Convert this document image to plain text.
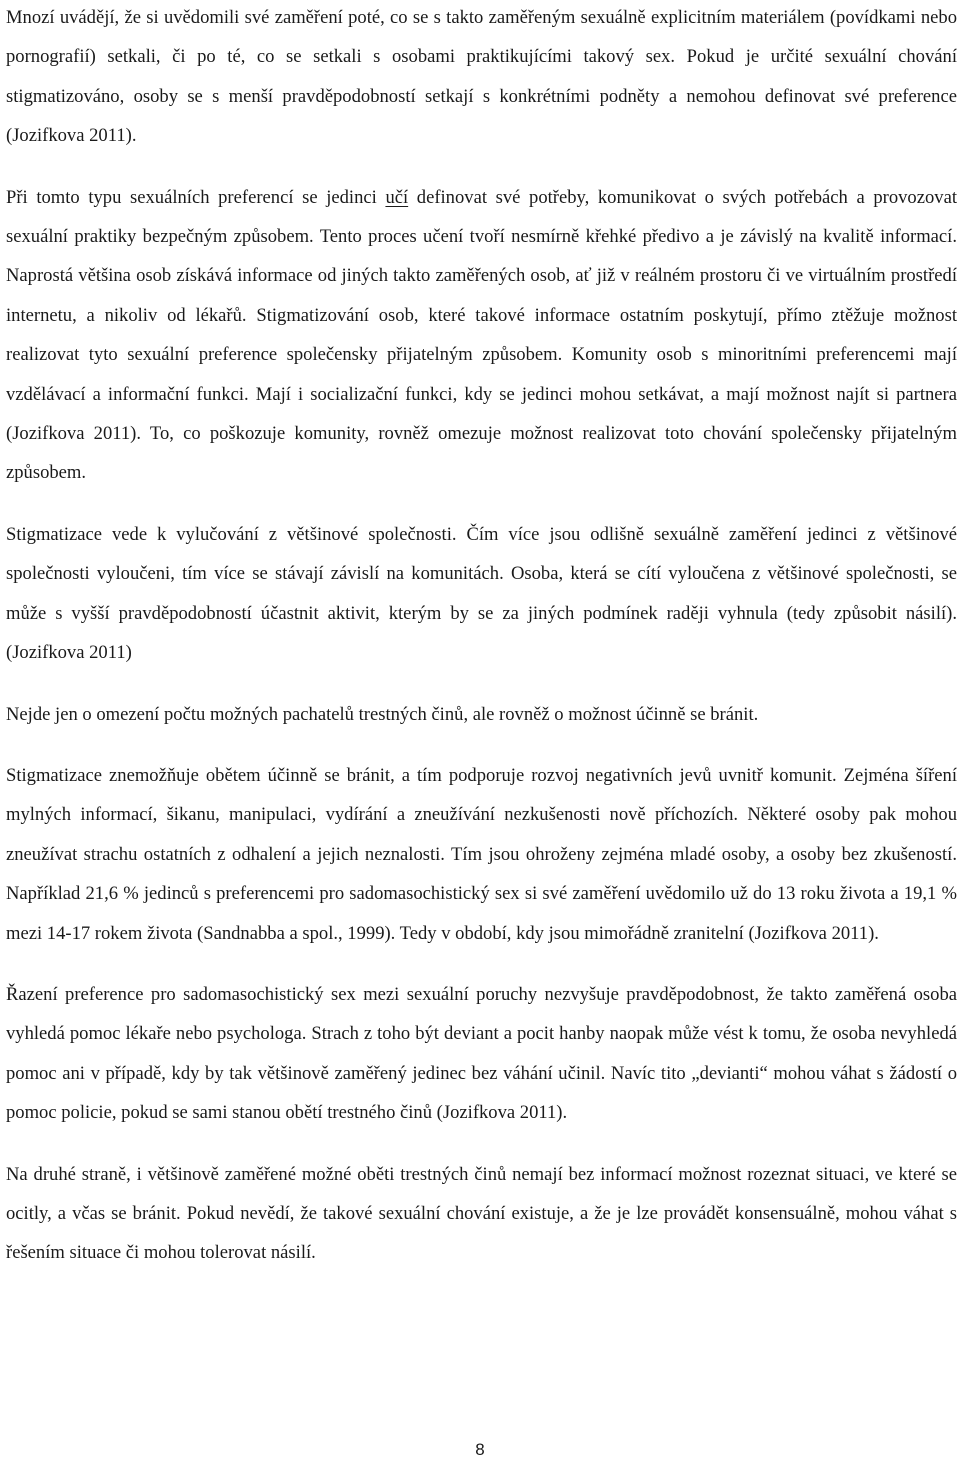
Mnozí uvádějí, že si uvědomili své zaměření poté, co se s takto zaměřeným sexuálně explicitním materiálem (povídkami nebo pornografií) setkali, či po té, co se setkali s osobami praktikujícími takový sex. Pokud je určité sexuální chování stigmatizováno, osoby se s menší pravděpodobností setkají s konkrétními podněty a nemohou definovat své preference (Jozifkova 2011).

Při tomto typu sexuálních preferencí se jedinci učí definovat své potřeby, komunikovat o svých potřebách a provozovat sexuální praktiky bezpečným způsobem. Tento proces učení tvoří nesmírně křehké předivo a je závislý na kvalitě informací. Naprostá většina osob získává informace od jiných takto zaměřených osob, ať již v reálném prostoru či ve virtuálním prostředí internetu, a nikoliv od lékařů. Stigmatizování osob, které takové informace ostatním poskytují, přímo ztěžuje možnost realizovat tyto sexuální preference společensky přijatelným způsobem. Komunity osob s minoritními preferencemi mají vzdělávací a informační funkci. Mají i socializační funkci, kdy se jedinci mohou setkávat, a mají možnost najít si partnera (Jozifkova 2011). To, co poškozuje komunity, rovněž omezuje možnost realizovat toto chování společensky přijatelným způsobem.

Stigmatizace vede k vylučování z většinové společnosti. Čím více jsou odlišně sexuálně zaměření jedinci z většinové společnosti vyloučeni, tím více se stávají závislí na komunitách. Osoba, která se cítí vyloučena z většinové společnosti, se může s vyšší pravděpodobností účastnit aktivit, kterým by se za jiných podmínek raději vyhnula (tedy způsobit násilí). (Jozifkova 2011)

Nejde jen o omezení počtu možných pachatelů trestných činů, ale rovněž o možnost účinně se bránit.

Stigmatizace znemožňuje obětem účinně se bránit, a tím podporuje rozvoj negativních jevů uvnitř komunit. Zejména šíření mylných informací, šikanu, manipulaci, vydírání a zneužívání nezkušenosti nově příchozích. Některé osoby pak mohou zneužívat strachu ostatních z odhalení a jejich neznalosti. Tím jsou ohroženy zejména mladé osoby, a osoby bez zkušeností. Například 21,6 % jedinců s preferencemi pro sadomasochistický sex si své zaměření uvědomilo už do 13 roku života a 19,1 % mezi 14-17 rokem života (Sandnabba a spol., 1999). Tedy v období, kdy jsou mimořádně zranitelní (Jozifkova 2011).

Řazení preference pro sadomasochistický sex mezi sexuální poruchy nezvyšuje pravděpodobnost, že takto zaměřená osoba vyhledá pomoc lékaře nebo psychologa. Strach z toho být deviant a pocit hanby naopak může vést k tomu, že osoba nevyhledá pomoc ani v případě, kdy by tak většinově zaměřený jedinec bez váhání učinil. Navíc tito „devianti“ mohou váhat s žádostí o pomoc policie, pokud se sami stanou obětí trestného činů (Jozifkova 2011).

Na druhé straně, i většinově zaměřené možné oběti trestných činů nemají bez informací možnost rozeznat situaci, ve které se ocitly, a včas se bránit. Pokud nevědí, že takové sexuální chování existuje, a že je lze provádět konsensuálně, mohou váhat s řešením situace či mohou tolerovat násilí.

8
